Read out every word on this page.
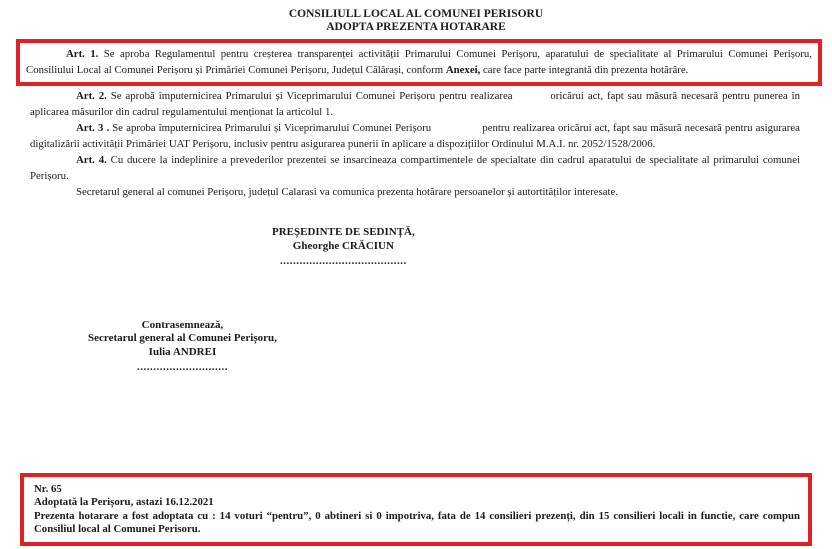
CONSILIULL LOCAL AL COMUNEI PERISORU
ADOPTA PREZENTA HOTARARE

Art. 1. Se aproba Regulamentul pentru creșterea transparenței activității Primarului Comunei Perișoru, aparatului de specialitate al Primarului Comunei Perișoru, Consiliului Local al Comunei Perișoru și Primăriei Comunei Perișoru, Județul Călărași, conform Anexei, care face parte integrantă din prezenta hotărâre.

Art. 2. Se aprobă împuternicirea Primarului și Viceprimarului Comunei Perișoru pentru realizarea	oricărui act, fapt sau măsură necesară pentru punerea în aplicarea măsurilor din cadrul regulamentului menționat la articolul 1.

Art. 3 . Se aproba împuternicirea Primarului și Viceprimarului Comunei Perișoru	pentru realizarea oricărui act, fapt sau măsură necesară pentru asigurarea digitalizării activității Primăriei UAT Perișoru, inclusiv pentru asigurarea punerii în aplicare a dispozițiilor Ordinului M.A.I. nr. 2052/1528/2006.

Art. 4. Cu ducere la indeplinire a prevederilor prezentei se insarcineaza compartimentele de specialtate din cadrul aparatului de specialitate al primarului comunei Perișoru.

Secretarul general al comunei Perișoru, județul Calarasi va comunica prezenta hotărare persoanelor și autortităților interesate.

PREȘEDINTE DE SEDINȚĂ,
Gheorghe CRĂCIUN
.......................................
Contrasemnează,
Secretarul general al Comunei Perișoru,
Iulia ANDREI
............................

Nr. 65

Adoptată la Perișoru, astazi 16.12.2021

Prezenta hotarare a fost adoptata cu : 14 voturi “pentru”, 0 abtineri si 0 impotriva, fata de 14 consilieri prezenți, din 15 consilieri locali in functie, care compun Consiliul local al Comunei Perisoru.
